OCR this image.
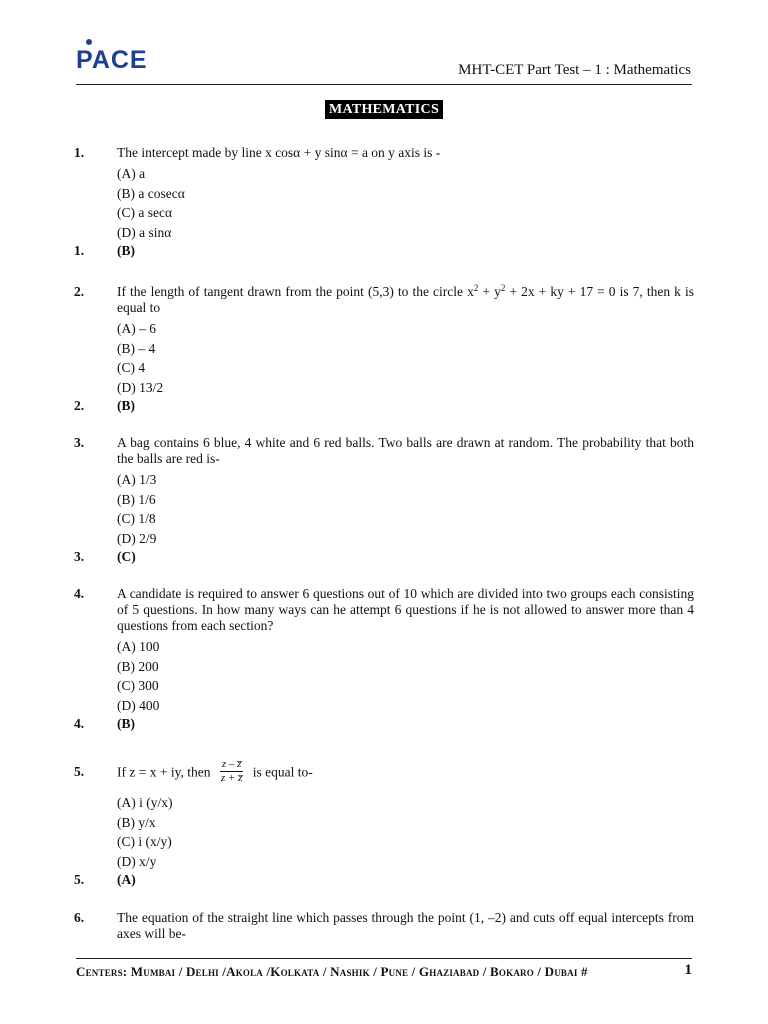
PACE	MHT-CET Part Test – 1 : Mathematics
MATHEMATICS
1. The intercept made by line x cosα + y sinα = a on y axis is -
(A) a
(B) a cosecα
(C) a secα
(D) a sinα
1. (B)
2. If the length of tangent drawn from the point (5,3) to the circle $x^2 + y^2 + 2x$ + ky + 17 = 0 is 7, then k is equal to
(A) – 6
(B) – 4
(C) 4
(D) 13/2
2. (B)
3. A bag contains 6 blue, 4 white and 6 red balls. Two balls are drawn at random. The probability that both the balls are red is-
(A) 1/3
(B) 1/6
(C) 1/8
(D) 2/9
3. (C)
4. A candidate is required to answer 6 questions out of 10 which are divided into two groups each consisting of 5 questions. In how many ways can he attempt 6 questions if he is not allowed to answer more than 4 questions from each section?
(A) 100
(B) 200
(C) 300
(D) 400
4. (B)
5. If z = x + iy, then $\frac{z - z̅}{z + z̅}$ is equal to-
(A) i (y/x)
(B) y/x
(C) i (x/y)
(D) x/y
5. (A)
6. The equation of the straight line which passes through the point (1, –2) and cuts off equal intercepts from axes will be-
Centers: Mumbai / Delhi /Akola /Kolkata / Nashik / Pune / Ghaziabad / Bokaro / Dubai #	1
